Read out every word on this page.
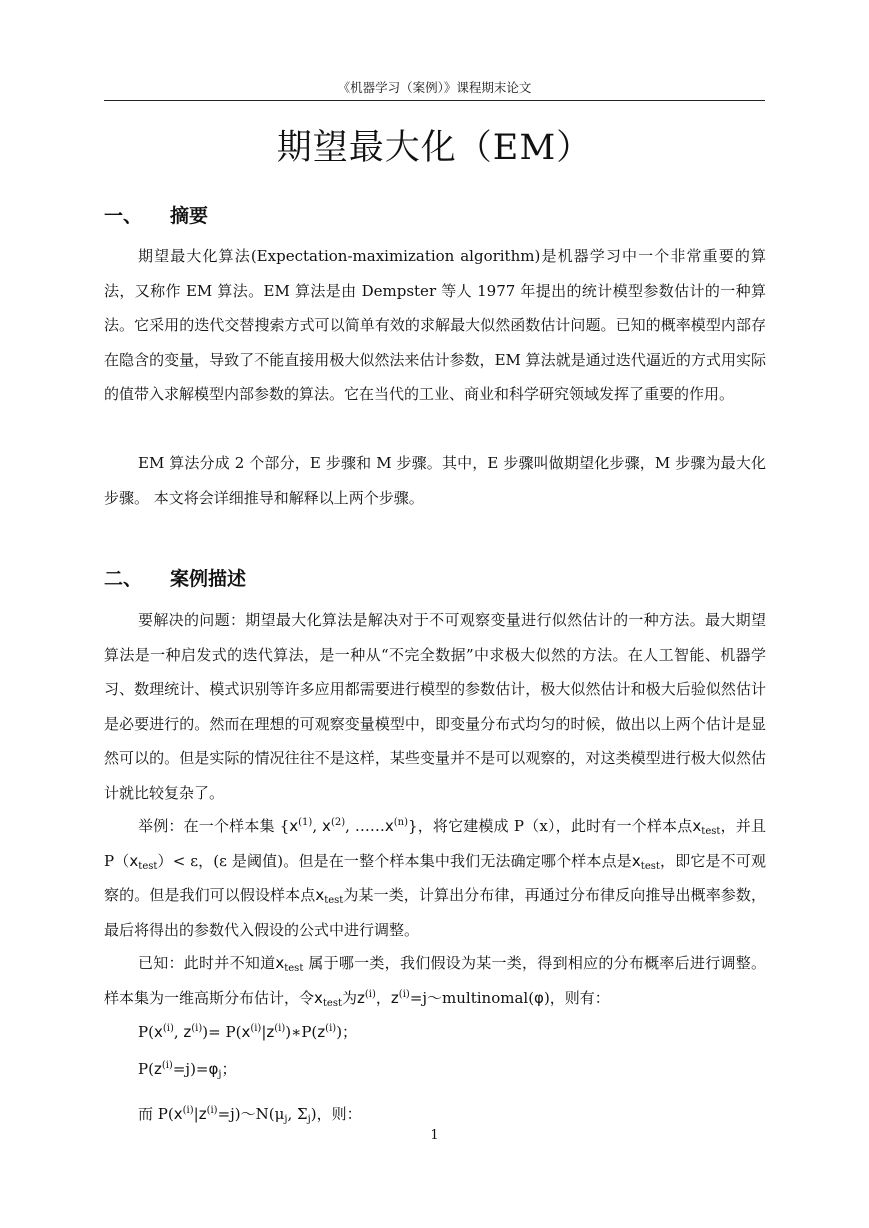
《机器学习（案例）》课程期末论文
期望最大化（EM）
一、 摘要
期望最大化算法(Expectation-maximization algorithm)是机器学习中一个非常重要的算法，又称作 EM 算法。EM 算法是由 Dempster 等人 1977 年提出的统计模型参数估计的一种算法。它采用的迭代交替搜索方式可以简单有效的求解最大似然函数估计问题。已知的概率模型内部存在隐含的变量，导致了不能直接用极大似然法来估计参数，EM 算法就是通过迭代逼近的方式用实际的值带入求解模型内部参数的算法。它在当代的工业、商业和科学研究领域发挥了重要的作用。
EM 算法分成 2 个部分，E 步骤和 M 步骤。其中，E 步骤叫做期望化步骤，M 步骤为最大化步骤。 本文将会详细推导和解释以上两个步骤。
二、 案例描述
要解决的问题：期望最大化算法是解决对于不可观察变量进行似然估计的一种方法。最大期望算法是一种启发式的迭代算法，是一种从“不完全数据”中求极大似然的方法。在人工智能、机器学习、数理统计、模式识别等许多应用都需要进行模型的参数估计，极大似然估计和极大后验似然估计是必要进行的。然而在理想的可观察变量模型中，即变量分布式均匀的时候，做出以上两个估计是显然可以的。但是实际的情况往往不是这样，某些变量并不是可以观察的，对这类模型进行极大似然估计就比较复杂了。
举例：在一个样本集 {$x^{(1)}$, $x^{(2)}$, $\dots\dots x^{(n)}$}，将它建模成 P（x），此时有一个样本点$x_{test}$，并且 $P(x_{test})< \varepsilon$，(ε 是阈值)。但是在一整个样本集中我们无法确定哪个样本点是$x_{test}$，即它是不可观察的。但是我们可以假设样本点$x_{test}$为某一类，计算出分布律，再通过分布律反向推导出概率参数，最后将得出的参数代入假设的公式中进行调整。
已知：此时并不知道$x_{test}$ 属于哪一类，我们假设为某一类，得到相应的分布概率后进行调整。样本集为一维高斯分布估计，令$x_{test}$为$z^{(i)}$，$z^{(i)}=j\sim multinomal(\varphi)$，则有：
$P(x^{(i)}$, $z^{(i)})=$ $P(x^{(i)}|z^{(i)})∗P(z^{(i)})$；
$P(z^{(i)}=j)=\varphi_j$；
而 $P(x^{(i)}|z^{(i)}=j)\sim N(\mu_j$, $\Sigma_j$)，则：
1
